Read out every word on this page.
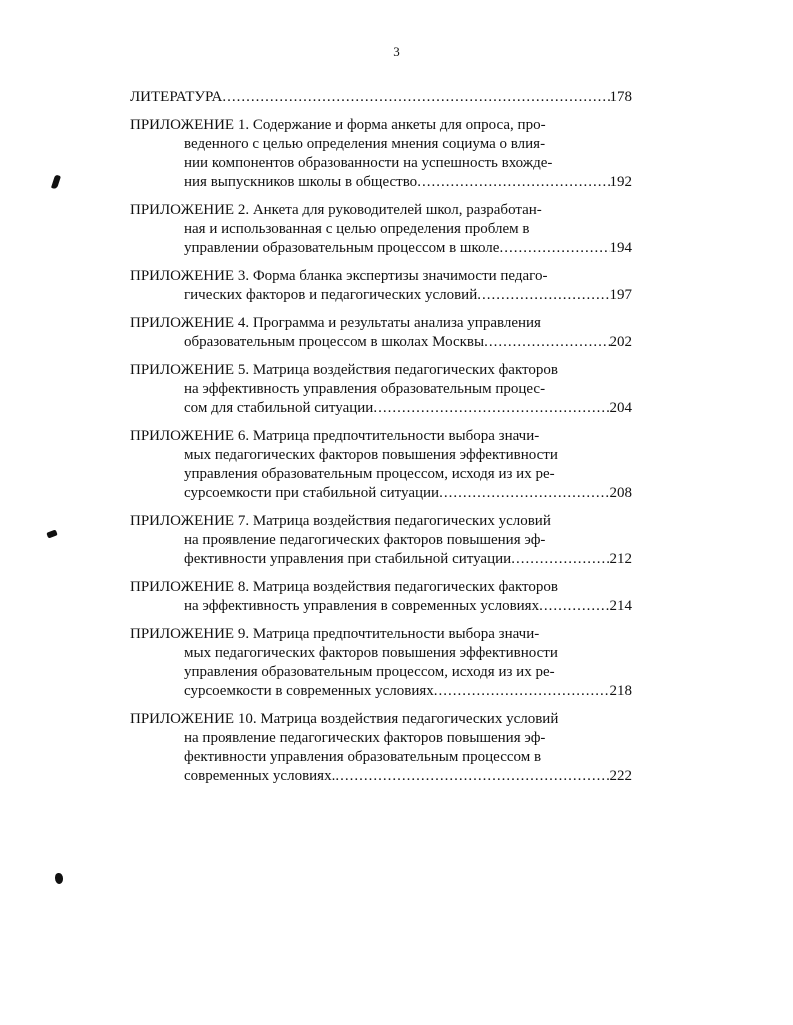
3
ЛИТЕРАТУРА .....	178
ПРИЛОЖЕНИЕ 1. Содержание и форма анкеты для опроса, про-
веденного с целью определения мнения социума о влия-
нии компонентов образованности на успешность вхожде-
ния выпускников школы в общество .....	192
ПРИЛОЖЕНИЕ 2. Анкета для руководителей школ, разработан-
ная и использованная с целью определения проблем в
управлении образовательным процессом в школе .....	194
ПРИЛОЖЕНИЕ 3. Форма бланка экспертизы значимости педаго-
гических факторов и педагогических условий .....	197
ПРИЛОЖЕНИЕ 4. Программа и результаты анализа управления
образовательным процессом в школах Москвы .....	202
ПРИЛОЖЕНИЕ 5. Матрица воздействия педагогических факторов
на эффективность управления образовательным процес-
сом для стабильной ситуации .....	204
ПРИЛОЖЕНИЕ 6. Матрица предпочтительности выбора значи-
мых педагогических факторов повышения эффективности
управления образовательным процессом, исходя из их ре-
сурсоемкости при стабильной ситуации .....	208
ПРИЛОЖЕНИЕ 7. Матрица воздействия педагогических условий
на проявление педагогических факторов повышения эф-
фективности управления при стабильной ситуации .....	212
ПРИЛОЖЕНИЕ 8. Матрица воздействия педагогических факторов
на эффективность управления в современных условиях .....	214
ПРИЛОЖЕНИЕ 9. Матрица предпочтительности выбора значи-
мых педагогических факторов повышения эффективности
управления образовательным процессом, исходя из их ре-
сурсоемкости в современных условиях .....	218
ПРИЛОЖЕНИЕ 10. Матрица воздействия педагогических условий
на проявление педагогических факторов повышения эф-
фективности управления образовательным процессом в
современных условиях. .....	222
